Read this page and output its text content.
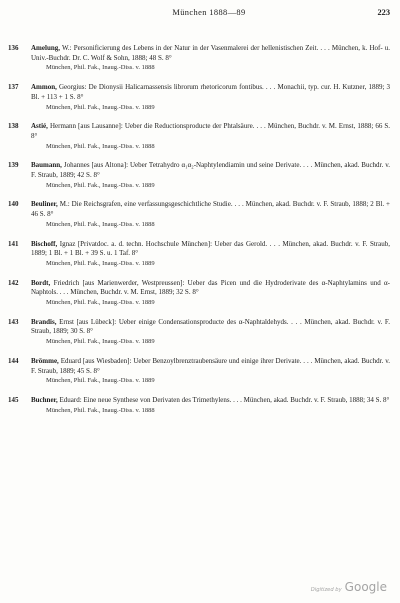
München 1888—89	223
136	Amelung, W.: Personificierung des Lebens in der Natur in der Vasenmalerei der hellenistischen Zeit. . . . München, k. Hof- u. Univ.-Buchdr. Dr. C. Wolf & Sohn, 1888; 48 S. 8°
München, Phil. Fak., Inaug.-Diss. v. 1888
137	Ammon, Georgius: De Dionysii Halicarnassensis librorum rhetoricorum fontibus. . . . Monachii, typ. cur. H. Kutzner, 1889; 3 Bl. + 113 + 1 S. 8°
München, Phil. Fak., Inaug.-Diss. v. 1889
138	Astié, Hermann [aus Lausanne]: Ueber die Reductionsproducte der Phtalsäure. . . . München, Buchdr. v. M. Ernst, 1888; 66 S. 8°
München, Phil. Fak., Inaug.-Diss. v. 1888
139	Baumann, Johannes [aus Altona]: Ueber Tetrahydro α₁α₂-Naphtylendiamin und seine Derivate. . . . München, akad. Buchdr. v. F. Straub, 1889; 42 S. 8°
München, Phil. Fak., Inaug.-Diss. v. 1889
140	Beuliner, M.: Die Reichsgrafen, eine verfassungsgeschichtliche Studie. . . . München, akad. Buchdr. v. F. Straub, 1888; 2 Bl. + 46 S. 8°
München, Phil. Fak., Inaug.-Diss. v. 1888
141	Bischoff, Ignaz [Privatdoc. a. d. techn. Hochschule München]: Ueber das Gerold. . . . München, akad. Buchdr. v. F. Straub, 1889; 1 Bl. + 1 Bl. + 39 S. u. 1 Taf. 8°
München, Phil. Fak., Inaug.-Diss. v. 1889
142	Bordt, Friedrich [aus Marienwerder, Westpreussen]: Ueber das Picen und die Hydroderivate des α-Naphtylamins und α-Naphtols. . . . München, Buchdr. v. M. Ernst, 1889; 32 S. 8°
München, Phil. Fak., Inaug.-Diss. v. 1889
143	Brandis, Ernst [aus Lübeck]: Ueber einige Condensationsproducte des α-Naphtaldehyds. . . . München, akad. Buchdr. v. F. Straub, 1889; 30 S. 8°
München, Phil. Fak., Inaug.-Diss. v. 1889
144	Brömme, Eduard [aus Wiesbaden]: Ueber Benzoylbrenztraubensäure und einige ihrer Derivate. . . . München, akad. Buchdr. v. F. Straub, 1889; 45 S. 8°
München, Phil. Fak., Inaug.-Diss. v. 1889
145	Buchner, Eduard: Eine neue Synthese von Derivaten des Trimethylens. . . . München, akad. Buchdr. v. F. Straub, 1888; 34 S. 8°
München, Phil. Fak., Inaug.-Diss. v. 1888
Digitized by Google
